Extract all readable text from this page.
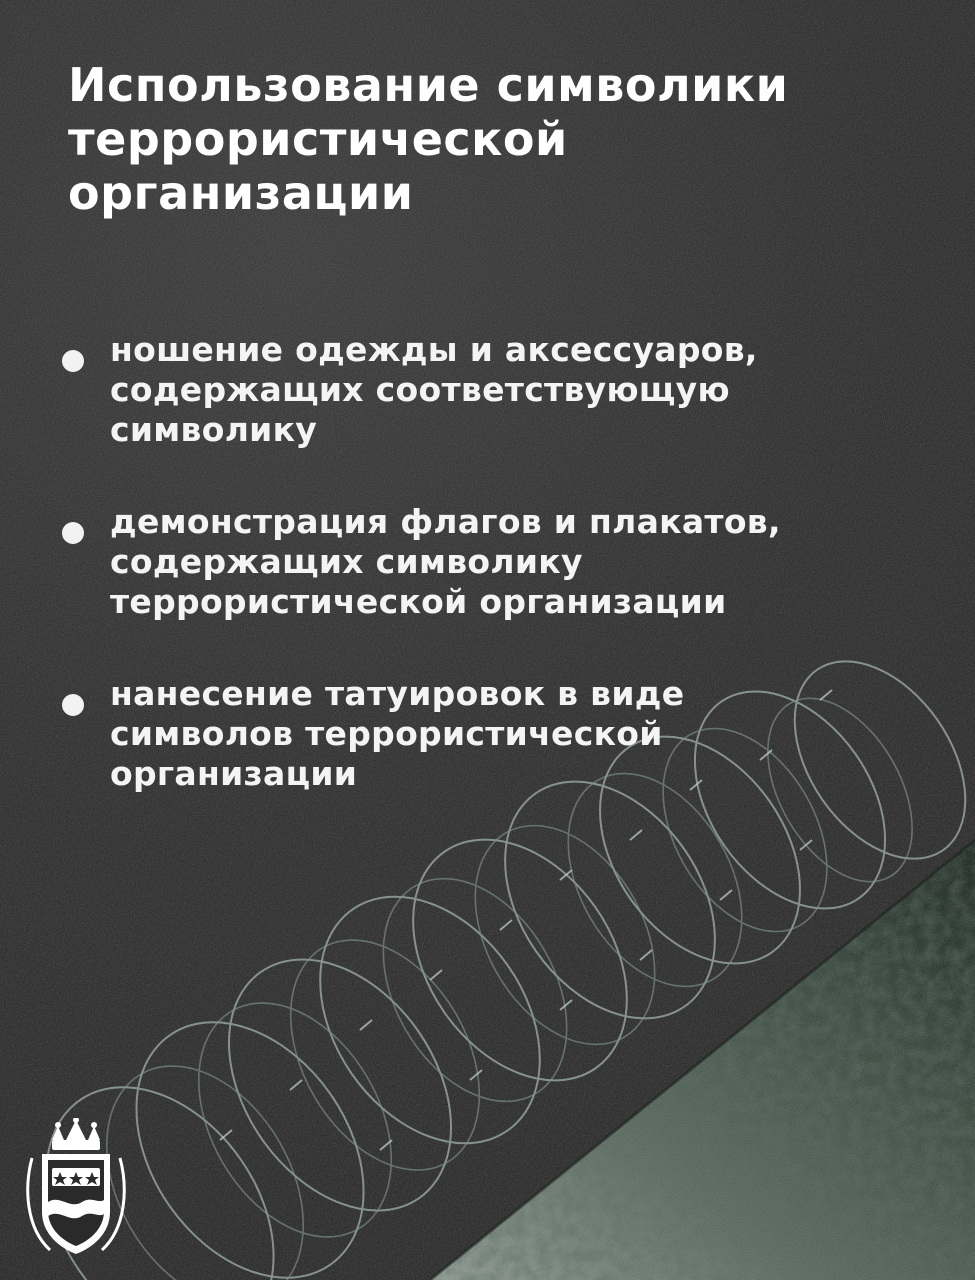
Использование символики
террористической
организации
ношение одежды и аксессуаров,
содержащих соответствующую
символику
демонстрация флагов и плакатов,
содержащих символику
террористической организации
нанесение татуировок в виде
символов террористической
организации
